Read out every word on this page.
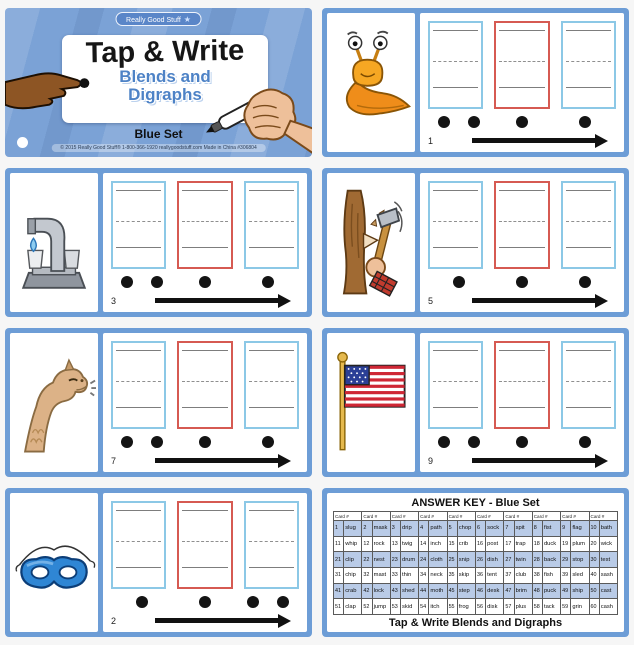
Really Good Stuff ★
Tap & Write
Blends and
Digraphs
Blue Set
© 2015 Really Good Stuff® 1-800-366-1920 reallygoodstuff.com Made in China #306804
1
3	5
7	9
2
ANSWER KEY - Blue Set
Card #		Card #		Card #		Card #		Card #		Card #		Card #		Card #		Card #		Card #	
1	slug	2	mask	3	drip	4	path	5	chop	6	sock	7	spit	8	fist	9	flag	10	bath
11	whip	12	rock	13	twig	14	inch	15	crib	16	post	17	trap	18	duck	19	plum	20	wick
21	clip	22	nest	23	drum	24	cloth	25	snip	26	dish	27	twin	28	back	29	stop	30	test
31	chip	32	mast	33	thin	34	neck	35	skip	36	tent	37	club	38	fish	39	sled	40	sash
41	crab	42	lock	43	shed	44	moth	45	step	46	desk	47	brim	48	puck	49	ship	50	cast
51	clap	52	jump	53	skid	54	itch	55	frog	56	disk	57	plus	58	tack	59	grin	60	cash
Tap & Write Blends and Digraphs
